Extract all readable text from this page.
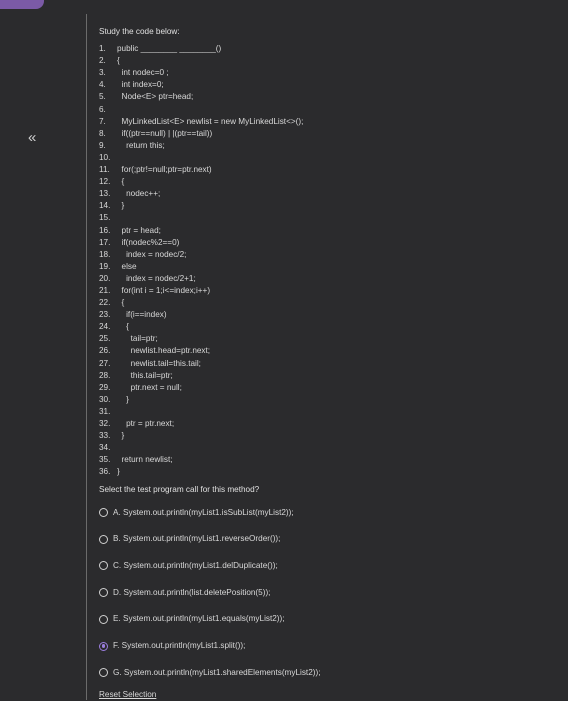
«
Study the code below:
1.	public ________ ________()
2.	{
3.	int nodec=0 ;
4.	int index=0;
5.	Node<E> ptr=head;
6.
7.	MyLinkedList<E> newlist = new MyLinkedList<>();
8.	if((ptr==null) | |(ptr==tail))
9.	return this;
10.
11. for(;ptr!=null;ptr=ptr.next)
12. {
13. nodec++;
14. }
15.
16. ptr = head;
17. if(nodec%2==0)
18. index = nodec/2;
19. else
20. index = nodec/2+1;
21. for(int i = 1;i<=index;i++)
22. {
23. if(i==index)
24. {
25. tail=ptr;
26. newlist.head=ptr.next;
27. newlist.tail=this.tail;
28. this.tail=ptr;
29. ptr.next = null;
30. }
31.
32. ptr = ptr.next;
33. }
34.
35. return newlist;
36. }
Select the test program call for this method?
A. System.out.println(myList1.isSubList(myList2));
B. System.out.println(myList1.reverseOrder());
C. System.out.println(myList1.delDuplicate());
D. System.out.println(list.deletePosition(5));
E. System.out.println(myList1.equals(myList2));
F. System.out.println(myList1.split());
G. System.out.println(myList1.sharedElements(myList2));
Reset Selection
